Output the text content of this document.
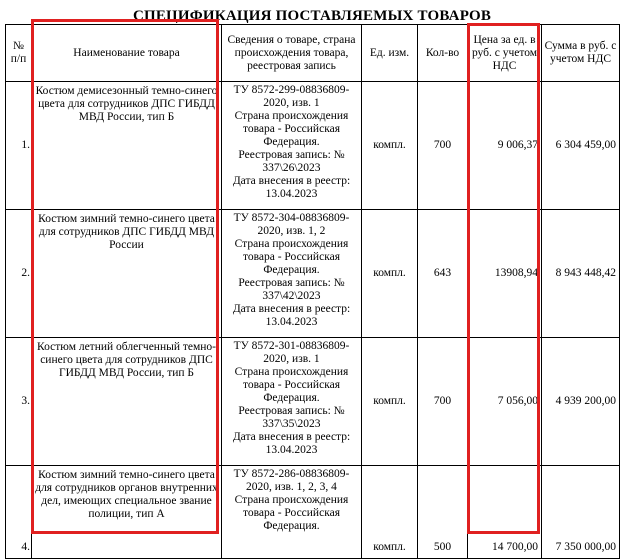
СПЕЦИФИКАЦИЯ ПОСТАВЛЯЕМЫХ ТОВАРОВ
№ п/п	Наименование товара	Сведения о товаре, страна происхождения товара, реестровая запись	Ед. изм.	Кол-во	Цена за ед. в руб. с учетом НДС	Сумма в руб. с учетом НДС
1.	Костюм демисезонный темно-синего цвета для сотрудников ДПС ГИБДД МВД России, тип Б	ТУ 8572-299-08836809-2020, изв. 1
Страна происхождения товара - Российская Федерация.
Реестровая запись: № 337\26\2023
Дата внесения в реестр: 13.04.2023	компл.	700	9 006,37	6 304 459,00
2.	Костюм зимний темно-синего цвета для сотрудников ДПС ГИБДД МВД России	ТУ 8572-304-08836809-2020, изв. 1, 2
Страна происхождения товара - Российская Федерация.
Реестровая запись: № 337\42\2023
Дата внесения в реестр: 13.04.2023	компл.	643	13908,94	8 943 448,42
3.	Костюм летний облегченный темно-синего цвета для сотрудников ДПС ГИБДД МВД России, тип Б	ТУ 8572-301-08836809-2020, изв. 1
Страна происхождения товара - Российская Федерация.
Реестровая запись: № 337\35\2023
Дата внесения в реестр: 13.04.2023	компл.	700	7 056,00	4 939 200,00
4.	Костюм зимний темно-синего цвета для сотрудников органов внутренних дел, имеющих специальное звание полиции, тип А	ТУ 8572-286-08836809-2020, изв. 1, 2, 3, 4
Страна происхождения товара - Российская Федерация.	компл.	500	14 700,00	7 350 000,00
